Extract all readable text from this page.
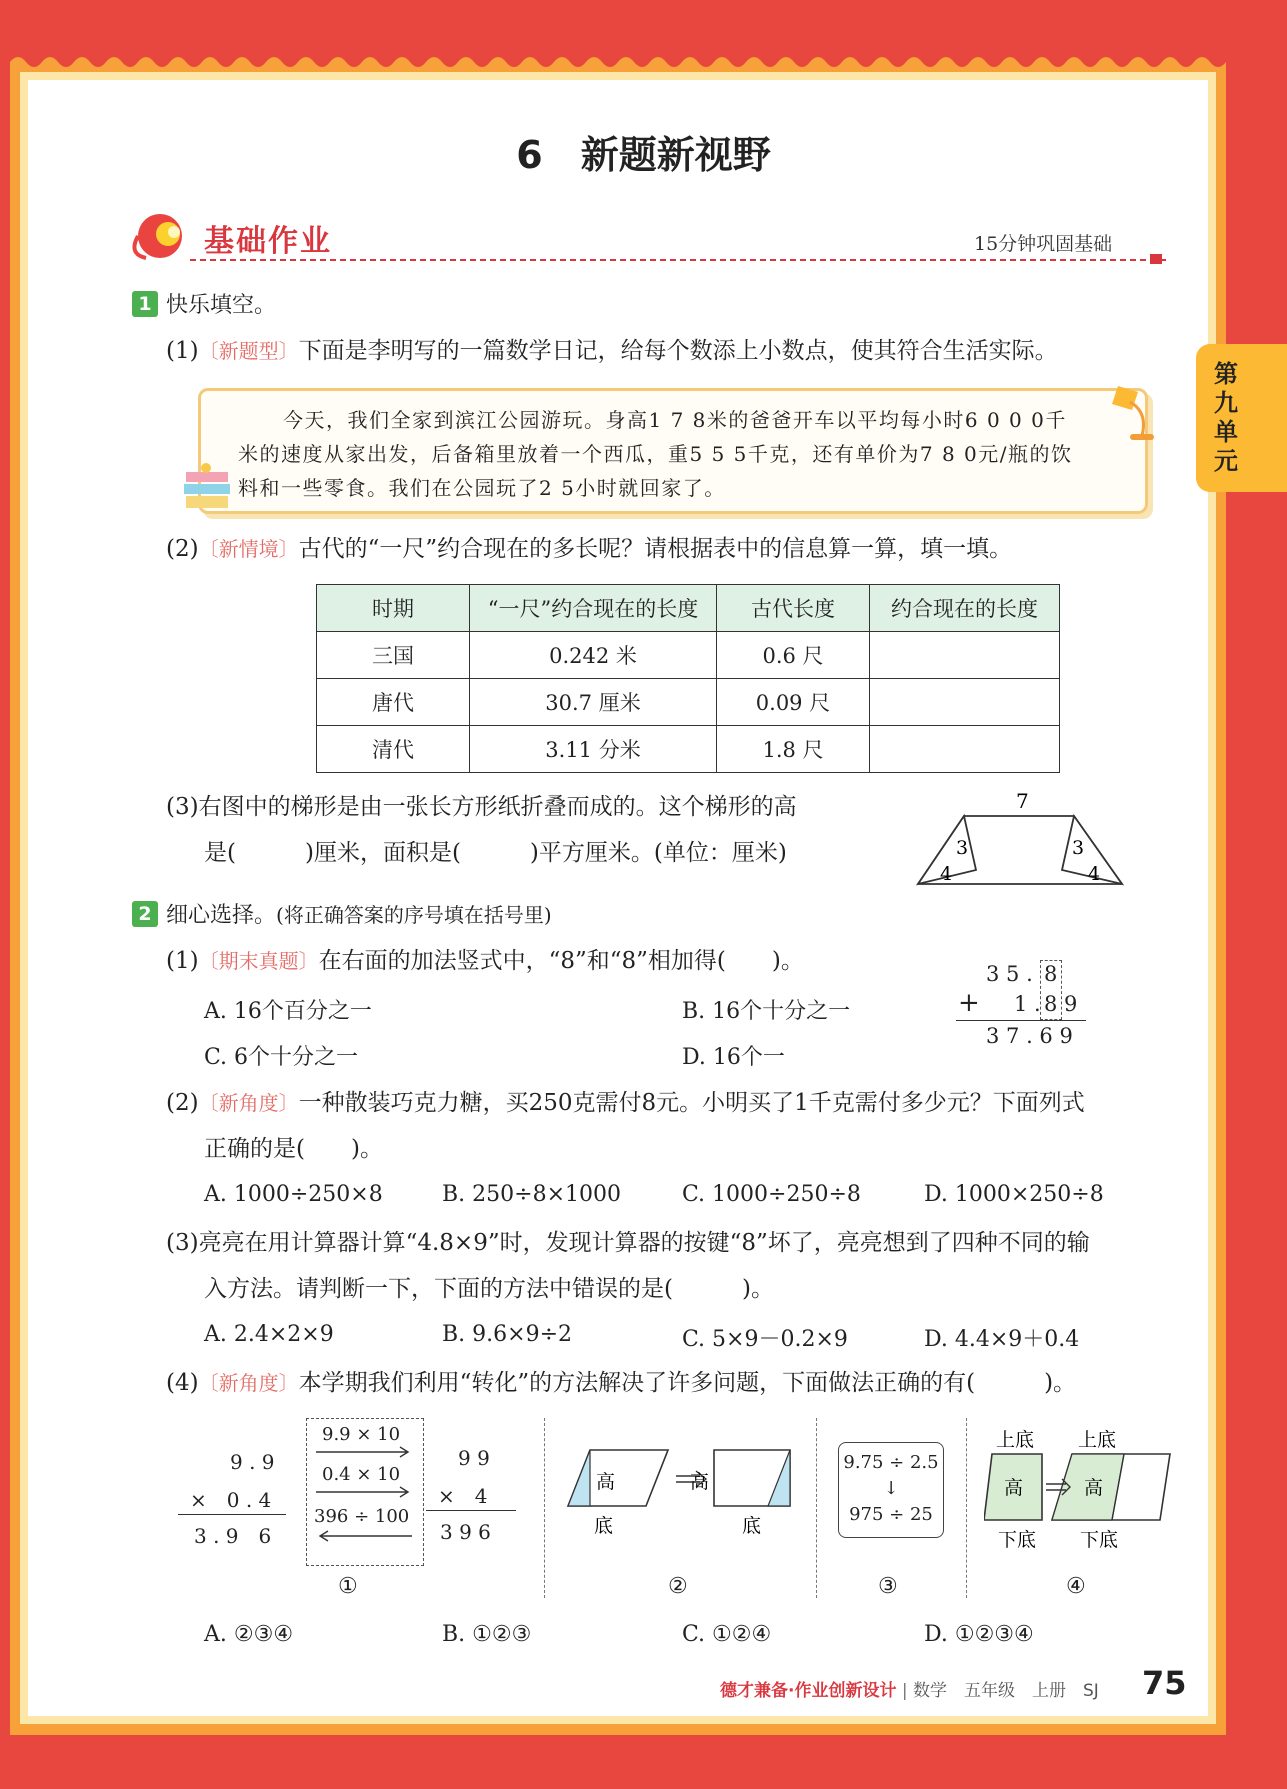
6　新题新视野
基础作业	15分钟巩固基础
第
九
单
元
1 快乐填空。
(1) 〔 新题型 〕 下面是李明写的一篇数学日记，给每个数添上小数点，使其符合生活实际。
今天，我们全家到滨江公园游玩。身高1 7 8米的爸爸开车以平均每小时6 0 0 0千
米的速度从家出发，后备箱里放着一个西瓜，重5 5 5千克，还有单价为7 8 0元/瓶的饮
料和一些零食。我们在公园玩了2 5小时就回家了。
(2) 〔 新情境 〕 古代的“一尺”约合现在的多长呢？请根据表中的信息算一算，填一填。
时期	“一尺”约合现在的长度	古代长度	约合现在的长度
三国	0.242 米	0.6 尺	
唐代	30.7 厘米	0.09 尺	
清代	3.11 分米	1.8 尺	
(3)右图中的梯形是由一张长方形纸折叠而成的。这个梯形的高
是(　　　)厘米，面积是(　　　)平方厘米。(单位：厘米)
7
3
4
3
4
2 细心选择。(将正确答案的序号填在括号里)
(1) 〔 期末真题 〕 在右面的加法竖式中，“8”和“8”相加得(　　)。
A. 16个百分之一	B. 16个十分之一
C. 6个十分之一	D. 16个一
3 5 . 8
+ 1 . 8 9
3 7 . 6 9
(2) 〔 新角度 〕 一种散装巧克力糖，买250克需付8元。小明买了1千克需付多少元？下面列式
正确的是(　　)。
A. 1000÷250×8	B. 250÷8×1000	C. 1000÷250÷8	D. 1000×250÷8
(3)亮亮在用计算器计算“4.8×9”时，发现计算器的按键“8”坏了，亮亮想到了四种不同的输
入方法。请判断一下，下面的方法中错误的是(　　　)。
A. 2.4×2×9	B. 9.6×9÷2	C. 5×9－0.2×9	D. 4.4×9＋0.4
(4) 〔 新角度 〕 本学期我们利用“转化”的方法解决了许多问题，下面做法正确的有(　　　)。
9 . 9
×　0 . 4
3 . 9　6
9.9 × 10
0.4 × 10
396 ÷ 100
9 9
×　4
3 9 6
高	高
底	底
9.75 ÷ 2.5
↓
975 ÷ 25
上底 上底
高	高
下底 下底
①	②	③	④
A. ②③④	B. ①②③	C. ①②④	D. ①②③④
德才兼备·作业创新设计 | 数学　五年级　上册　SJ 75
